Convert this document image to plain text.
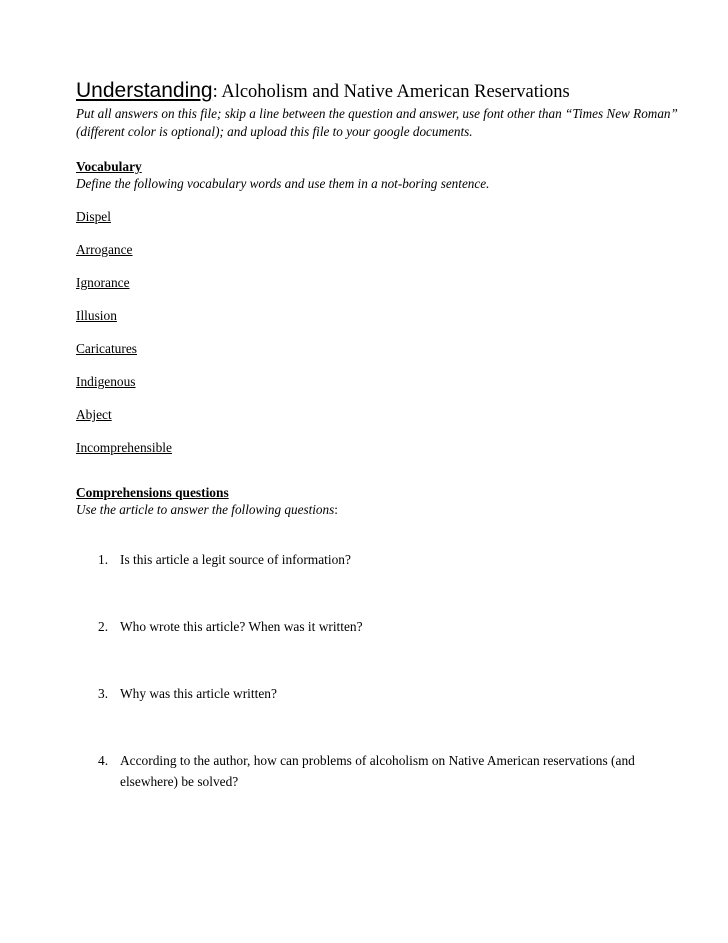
Understanding: Alcoholism and Native American Reservations
Put all answers on this file; skip a line between the question and answer, use font other than “Times New Roman” (different color is optional); and upload this file to your google documents.
Vocabulary
Define the following vocabulary words and use them in a not-boring sentence.
Dispel
Arrogance
Ignorance
Illusion
Caricatures
Indigenous
Abject
Incomprehensible
Comprehensions questions
Use the article to answer the following questions:
1. Is this article a legit source of information?
2. Who wrote this article? When was it written?
3. Why was this article written?
4. According to the author, how can problems of alcoholism on Native American reservations (and elsewhere) be solved?
